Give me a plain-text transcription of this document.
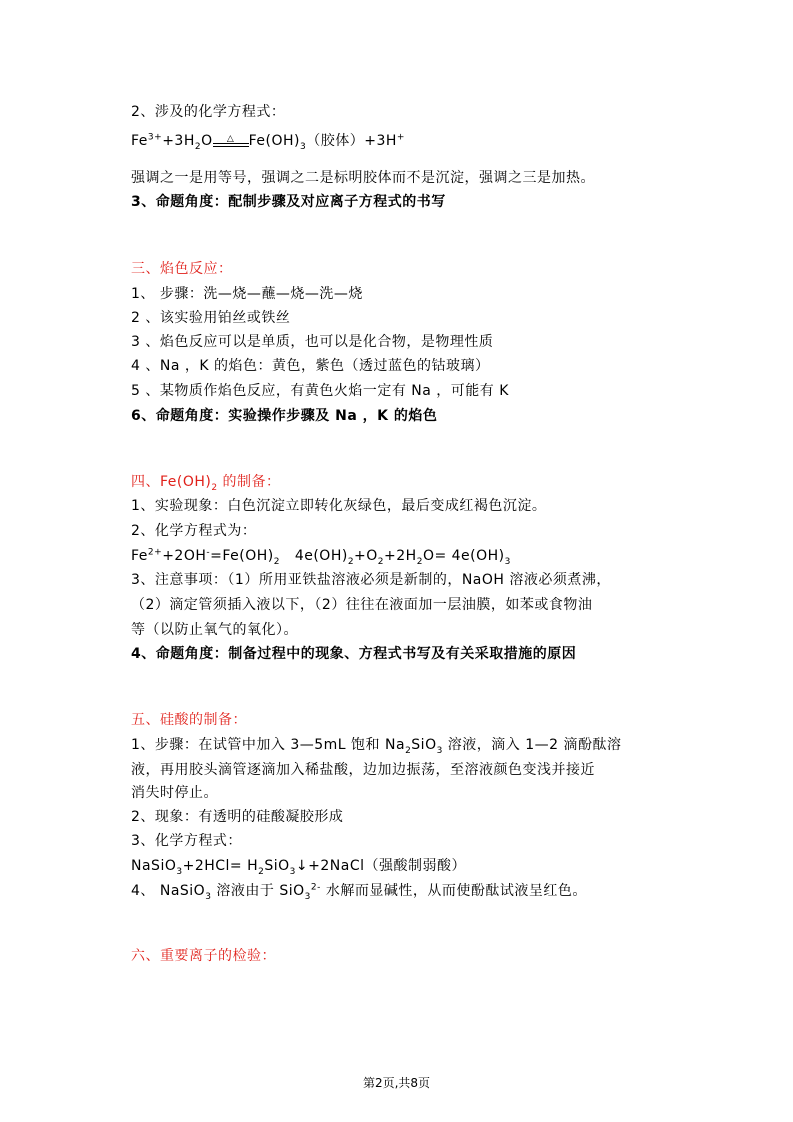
2、涉及的化学方程式：
$Fe^{3+}+3H_2O$	△	$Fe(OH)_3$（胶体）+3H+
强调之一是用等号，强调之二是标明胶体而不是沉淀，强调之三是加热。
3、命题角度：配制步骤及对应离子方程式的书写
三、焰色反应：
1、 步骤：洗—烧—蘸—烧—洗—烧
2 、该实验用铂丝或铁丝
3 、焰色反应可以是单质，也可以是化合物，是物理性质
4 、Na ，K 的焰色：黄色，紫色（透过蓝色的钴玻璃）
5 、某物质作焰色反应，有黄色火焰一定有 Na ，可能有 K
6、命题角度：实验操作步骤及 Na ，K 的焰色
四、$Fe(OH)_2$ 的制备：
1、实验现象：白色沉淀立即转化灰绿色，最后变成红褐色沉淀。
2、化学方程式为：
$Fe^{2+}+2OH^-=Fe(OH)_2$   $4e(OH)_2+O_2+2H_2O= 4e(OH)_3$
3、注意事项：（1）所用亚铁盐溶液必须是新制的，NaOH 溶液必须煮沸，
（2）滴定管须插入液以下，（2）往往在液面加一层油膜，如苯或食物油
等（以防止氧气的氧化）。
4、命题角度：制备过程中的现象、方程式书写及有关采取措施的原因
五、硅酸的制备：
1、步骤：在试管中加入 3—5mL 饱和 $Na_2SiO_3$ 溶液，滴入 1—2 滴酚酞溶
液，再用胶头滴管逐滴加入稀盐酸，边加边振荡，至溶液颜色变浅并接近
消失时停止。
2、现象：有透明的硅酸凝胶形成
3、化学方程式：
NaSiO$_3$+2HCl= $H_2SiO_3↓+2NaCl$（强酸制弱酸）
4、 NaSiO$_3$ 溶液由于 SiO$_3^{2-}$ 水解而显碱性，从而使酚酞试液呈红色。
六、重要离子的检验：
第2页,共8页
